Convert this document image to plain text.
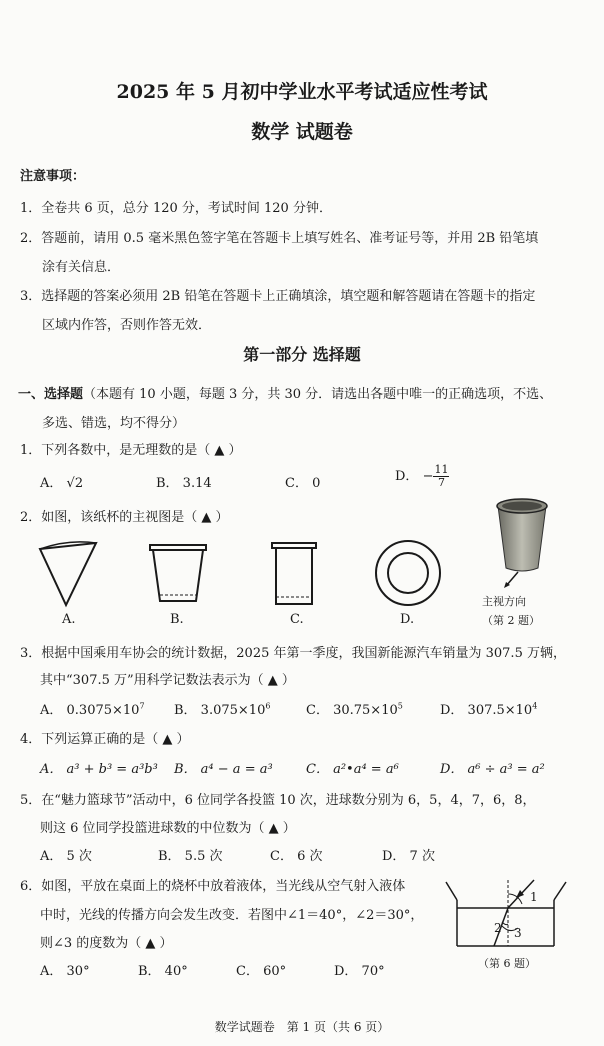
2025 年 5 月初中学业水平考试适应性考试
数学 试题卷
注意事项：
1．全卷共 6 页，总分 120 分，考试时间 120 分钟．
2．答题前，请用 0.5 毫米黑色签字笔在答题卡上填写姓名、准考证号等，并用 2B 铅笔填
涂有关信息．
3．选择题的答案必须用 2B 铅笔在答题卡上正确填涂，填空题和解答题请在答题卡的指定
区域内作答，否则作答无效．
第一部分 选择题
一、选择题（本题有 10 小题，每题 3 分，共 30 分．请选出各题中唯一的正确选项，不选、
多选、错选，均不得分）
1．下列各数中，是无理数的是（ ▲ ）
A． √2	B． 3.14	C． 0	D． − $\frac{11}{7}$
2．如图，该纸杯的主视图是（ ▲ ）
A.	B.	C.	D.
主视方向
（第 2 题）
3．根据中国乘用车协会的统计数据，2025 年第一季度，我国新能源汽车销量为 307.5 万辆，
其中“307.5 万”用科学记数法表示为（ ▲ ）
A． $0.3075\times 10^7$ B． $3.075\times 10^6$	C． $30.75\times 10^5$	D． $307.5\times 10^4$
4．下列运算正确的是（ ▲ ）
A． a³ + b³ = a³b³ B． a⁴ − a = a³	C． a²•a⁴ = a⁶	D． a⁶ ÷ a³ = a²
5．在“魅力篮球节”活动中，6 位同学各投篮 10 次，进球数分别为 6，5，4，7，6，8，
则这 6 位同学投篮进球数的中位数为（ ▲ ）
A． 5 次	B． 5.5 次	C． 6 次	D． 7 次
6．如图，平放在桌面上的烧杯中放着液体，当光线从空气射入液体
中时，光线的传播方向会发生改变．若图中∠1＝40°，∠2＝30°，
则∠3 的度数为（ ▲ ）
A． 30°	B． 40°	C． 60°	D． 70°
1
2 3
（第 6 题）
数学试题卷　第 1 页（共 6 页）
